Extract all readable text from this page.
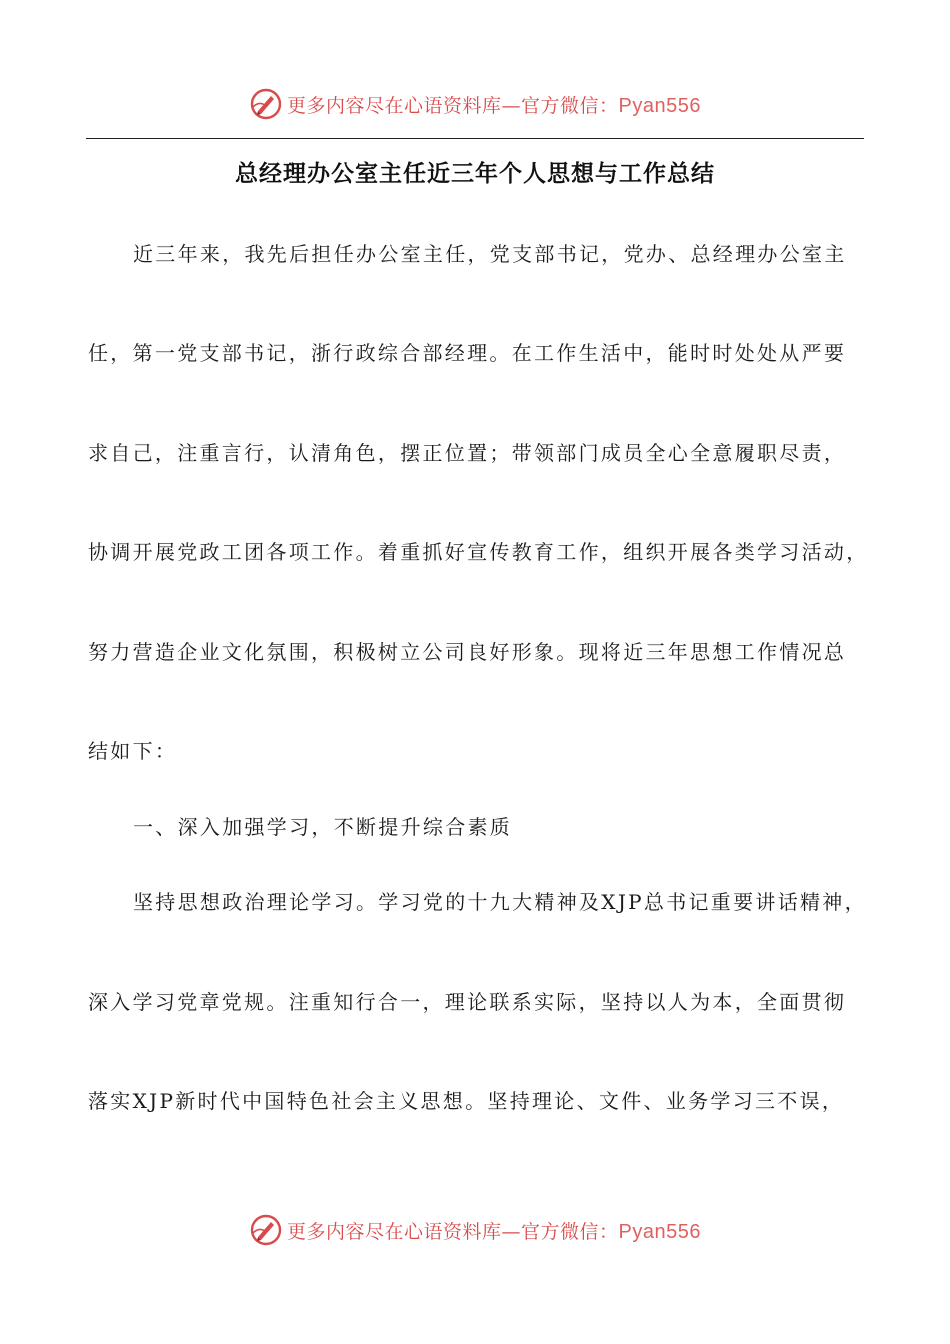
更多内容尽在心语资料库—官方微信：Pyan556
总经理办公室主任近三年个人思想与工作总结
近三年来，我先后担任办公室主任，党支部书记，党办、总经理办公室主
任，第一党支部书记，浙行政综合部经理。在工作生活中，能时时处处从严要
求自己，注重言行，认清角色，摆正位置；带领部门成员全心全意履职尽责，
协调开展党政工团各项工作。着重抓好宣传教育工作，组织开展各类学习活动，
努力营造企业文化氛围，积极树立公司良好形象。现将近三年思想工作情况总
结如下：
一、深入加强学习，不断提升综合素质
坚持思想政治理论学习。学习党的十九大精神及XJP总书记重要讲话精神，
深入学习党章党规。注重知行合一，理论联系实际，坚持以人为本，全面贯彻
落实XJP新时代中国特色社会主义思想。坚持理论、文件、业务学习三不误，
更多内容尽在心语资料库—官方微信：Pyan556
